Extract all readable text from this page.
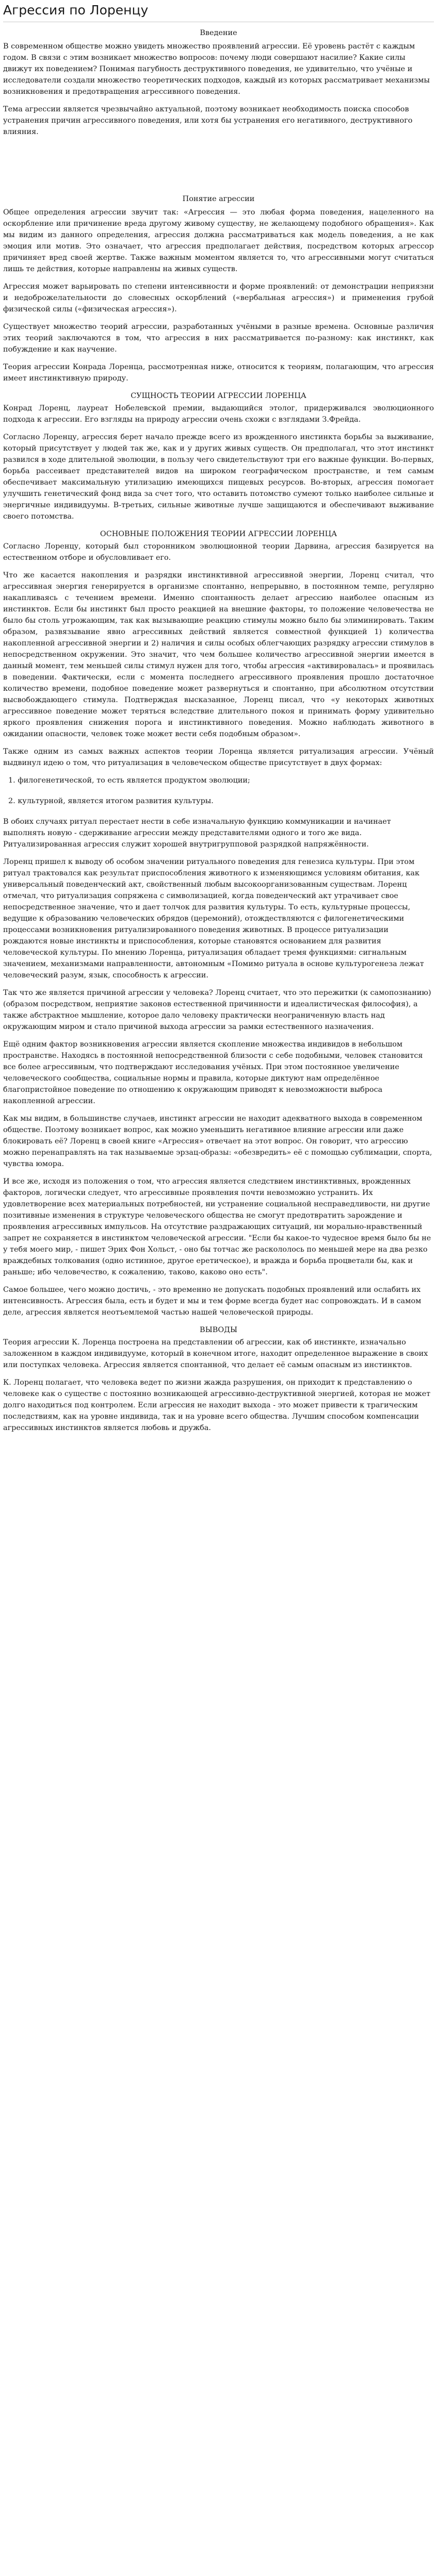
Агрессия по Лоренцу
Введение

В современном обществе можно увидеть множество проявлений агрессии. Её уровень растёт с каждым годом. В связи с этим возникает множество вопросов: почему люди совершают насилие? Какие силы движут их поведением? Понимая пагубность деструктивного поведения, не удивительно, что учёные и исследователи создали множество теоретических подходов, каждый из которых рассматривает механизмы возникновения и предотвращения агрессивного поведения.

Тема агрессии является чрезвычайно актуальной, поэтому возникает необходимость поиска способов устранения причин агрессивного поведения, или хотя бы устранения его негативного, деструктивного влияния.

Понятие агрессии

Общее определения агрессии звучит так: «Агрессия — это любая форма поведения, нацеленного на оскорбление или причинение вреда другому живому существу, не желающему подобного обращения». Как мы видим из данного определения, агрессия должна рассматриваться как модель поведения, а не как эмоция или мотив. Это означает, что агрессия предполагает действия, посредством которых агрессор причиняет вред своей жертве. Также важным моментом является то, что агрессивными могут считаться лишь те действия, которые направлены на живых существ.

Агрессия может варьировать по степени интенсивности и форме проявлений: от демонстрации неприязни и недоброжелательности до словесных оскорблений («вербальная агрессия») и применения грубой физической силы («физическая агрессия»).

Существует множество теорий агрессии, разработанных учёными в разные времена. Основные различия этих теорий заключаются в том, что агрессия в них рассматривается по-разному: как инстинкт, как побуждение и как научение.

Теория агрессии Конрада Лоренца, рассмотренная ниже, относится к теориям, полагающим, что агрессия имеет инстинктивную природу.

СУЩНОСТЬ ТЕОРИИ АГРЕССИИ ЛОРЕНЦА

Конрад Лоренц, лауреат Нобелевской премии, выдающийся этолог, придерживался эволюционного подхода к агрессии. Его взгляды на природу агрессии очень схожи с взглядами З.Фрейда.

Согласно Лоренцу, агрессия берет начало прежде всего из врожденного инстинкта борьбы за выживание, который присутствует у людей так же, как и у других живых существ. Он предполагал, что этот инстинкт развился в ходе длительной эволюции, в пользу чего свидетельствуют три его важные функции. Во-первых, борьба рассеивает представителей видов на широком географическом пространстве, и тем самым обеспечивает максимальную утилизацию имеющихся пищевых ресурсов. Во-вторых, агрессия помогает улучшить генетический фонд вида за счет того, что оставить потомство сумеют только наиболее сильные и энергичные индивидуумы. В-третьих, сильные животные лучше защищаются и обеспечивают выживание своего потомства.

ОСНОВНЫЕ ПОЛОЖЕНИЯ ТЕОРИИ АГРЕССИИ ЛОРЕНЦА

Согласно Лоренцу, который был сторонником эволюционной теории Дарвина, агрессия базируется на естественном отборе и обусловливает его.

Что же касается накопления и разрядки инстинктивной агрессивной энергии, Лоренц считал, что агрессивная энергия генерируется в организме спонтанно, непрерывно, в постоянном темпе, регулярно накапливаясь с течением времени. Именно спонтанность делает агрессию наиболее опасным из инстинктов. Если бы инстинкт был просто реакцией на внешние факторы, то положение человечества не было бы столь угрожающим, так как вызывающие реакцию стимулы можно было бы элиминировать. Таким образом, развязывание явно агрессивных действий является совместной функцией 1) количества накопленной агрессивной энергии и 2) наличия и силы особых облегчающих разрядку агрессии стимулов в непосредственном окружении. Это значит, что чем большее количество агрессивной энергии имеется в данный момент, тем меньшей силы стимул нужен для того, чтобы агрессия «активировалась» и проявилась в поведении. Фактически, если с момента последнего агрессивного проявления прошло достаточное количество времени, подобное поведение может развернуться и спонтанно, при абсолютном отсутствии высвобождающего стимула. Подтверждая высказанное, Лоренц писал, что «у некоторых животных агрессивное поведение может теряться вследствие длительного покоя и принимать форму удивительно яркого проявления снижения порога и инстинктивного поведения. Можно наблюдать животного в ожидании опасности, человек тоже может вести себя подобным образом».

Также одним из самых важных аспектов теории Лоренца является ритуализация агрессии. Учёный выдвинул идею о том, что ритуализация в человеческом обществе присутствует в двух формах:

1. филогенетической, то есть является продуктом эволюции;
2. культурной, является итогом развития культуры.

В обоих случаях ритуал перестает нести в себе изначальную функцию коммуникации и начинает выполнять новую - сдерживание агрессии между представителями одного и того же вида. Ритуализированная агрессия служит хорошей внутригрупповой разрядкой напряжённости.

Лоренц пришел к выводу об особом значении ритуального поведения для генезиса культуры. При этом ритуал трактовался как результат приспособления животного к изменяющимся условиям обитания, как универсальный поведенческий акт, свойственный любым высокоорганизованным существам. Лоренц отмечал, что ритуализация сопряжена с символизацией, когда поведенческий акт утрачивает свое непосредственное значение, что и дает толчок для развития культуры. То есть, культурные процессы, ведущие к образованию человеческих обрядов (церемоний), отождествляются с филогенетическими процессами возникновения ритуализированного поведения животных. В процессе ритуализации рождаются новые инстинкты и приспособления, которые становятся основанием для развития человеческой культуры. По мнению Лоренца, ритуализация обладает тремя функциями: сигнальным значением, механизмами направленности, автономным «Помимо ритуала в основе культурогенеза лежат человеческий разум, язык, способность к агрессии.

Так что же является причиной агрессии у человека? Лоренц считает, что это пережитки (к самопознанию)(образом посредством, неприятие законов естественной причинности и идеалистическая философия), а также абстрактное мышление, которое дало человеку практически неограниченную власть над окружающим миром и стало причиной выхода агрессии за рамки естественного назначения.

Ещё одним фактор возникновения агрессии является скопление множества индивидов в небольшом пространстве. Находясь в постоянной непосредственной близости с себе подобными, человек становится все более агрессивным, что подтверждают исследования учёных. При этом постоянное увеличение человеческого сообщества, социальные нормы и правила, которые диктуют нам определённое благопристойное поведение по отношению к окружающим приводят к невозможности выброса накопленной агрессии.

Как мы видим, в большинстве случаев, инстинкт агрессии не находит адекватного выхода в современном обществе. Поэтому возникает вопрос, как можно уменьшить негативное влияние агрессии или даже блокировать её? Лоренц в своей книге «Агрессия» отвечает на этот вопрос. Он говорит, что агрессию можно перенаправлять на так называемые эрзац-образы: «обезвредить» её с помощью сублимации, спорта, чувства юмора.

И все же, исходя из положения о том, что агрессия является следствием инстинктивных, врожденных факторов, логически следует, что агрессивные проявления почти невозможно устранить. Их удовлетворение всех материальных потребностей, ни устранение социальной несправедливости, ни другие позитивные изменения в структуре человеческого общества не смогут предотвратить зарождение и проявления агрессивных импульсов. На отсутствие раздражающих ситуаций, ни морально-нравственный запрет не сохраняется в инстинктом человеческой агрессии. "Если бы какое-то чудесное время было бы не у тебя моего мир, - пишет Эрих Фон Хольст, - оно бы тотчас же раскололось по меньшей мере на два резко враждебных толкования (одно истинное, другое еретическое), и вражда и борьба процветали бы, как и раньше; ибо человечество, к сожалению, таково, каково оно есть".

Самое большее, чего можно достичь, - это временно не допускать подобных проявлений или ослабить их интенсивность. Агрессия была, есть и будет и мы и тем форме всегда будет нас сопровождать. И в самом деле, агрессия является неотъемлемой частью нашей человеческой природы.

ВЫВОДЫ

Теория агрессии К. Лоренца построена на представлении об агрессии, как об инстинкте, изначально заложенном в каждом индивидууме, который в конечном итоге, находит определенное выражение в своих или поступках человека. Агрессия является спонтанной, что делает её самым опасным из инстинктов.

К. Лоренц полагает, что человека ведет по жизни жажда разрушения, он приходит к представлению о человеке как о существе с постоянно возникающей агрессивно-деструктивной энергией, которая не может долго находиться под контролем. Если агрессия не находит выхода - это может привести к трагическим последствиям, как на уровне индивида, так и на уровне всего общества. Лучшим способом компенсации агрессивных инстинктов является любовь и дружба.
